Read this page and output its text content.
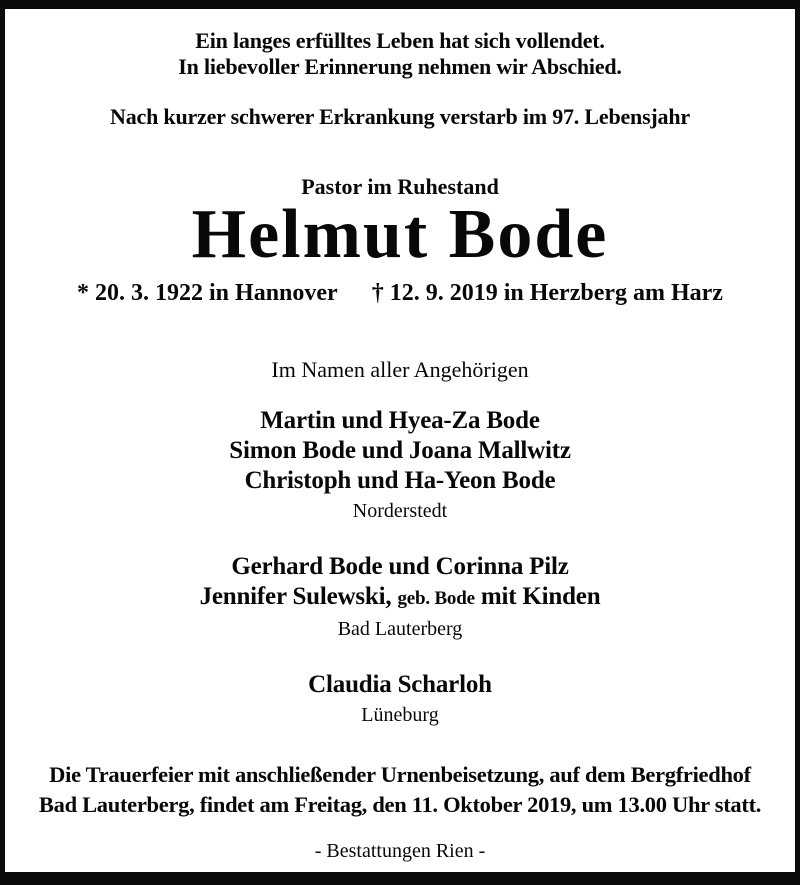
Ein langes erfülltes Leben hat sich vollendet.
In liebevoller Erinnerung nehmen wir Abschied.
Nach kurzer schwerer Erkrankung verstarb im 97. Lebensjahr
Pastor im Ruhestand
Helmut Bode
* 20. 3. 1922 in Hannover † 12. 9. 2019 in Herzberg am Harz
Im Namen aller Angehörigen
Martin und Hyea-Za Bode
Simon Bode und Joana Mallwitz
Christoph und Ha-Yeon Bode
Norderstedt
Gerhard Bode und Corinna Pilz
Jennifer Sulewski, geb. Bode mit Kinden
Bad Lauterberg
Claudia Scharloh
Lüneburg
Die Trauerfeier mit anschließender Urnenbeisetzung, auf dem Bergfriedhof
Bad Lauterberg, findet am Freitag, den 11. Oktober 2019, um 13.00 Uhr statt.
- Bestattungen Rien -
